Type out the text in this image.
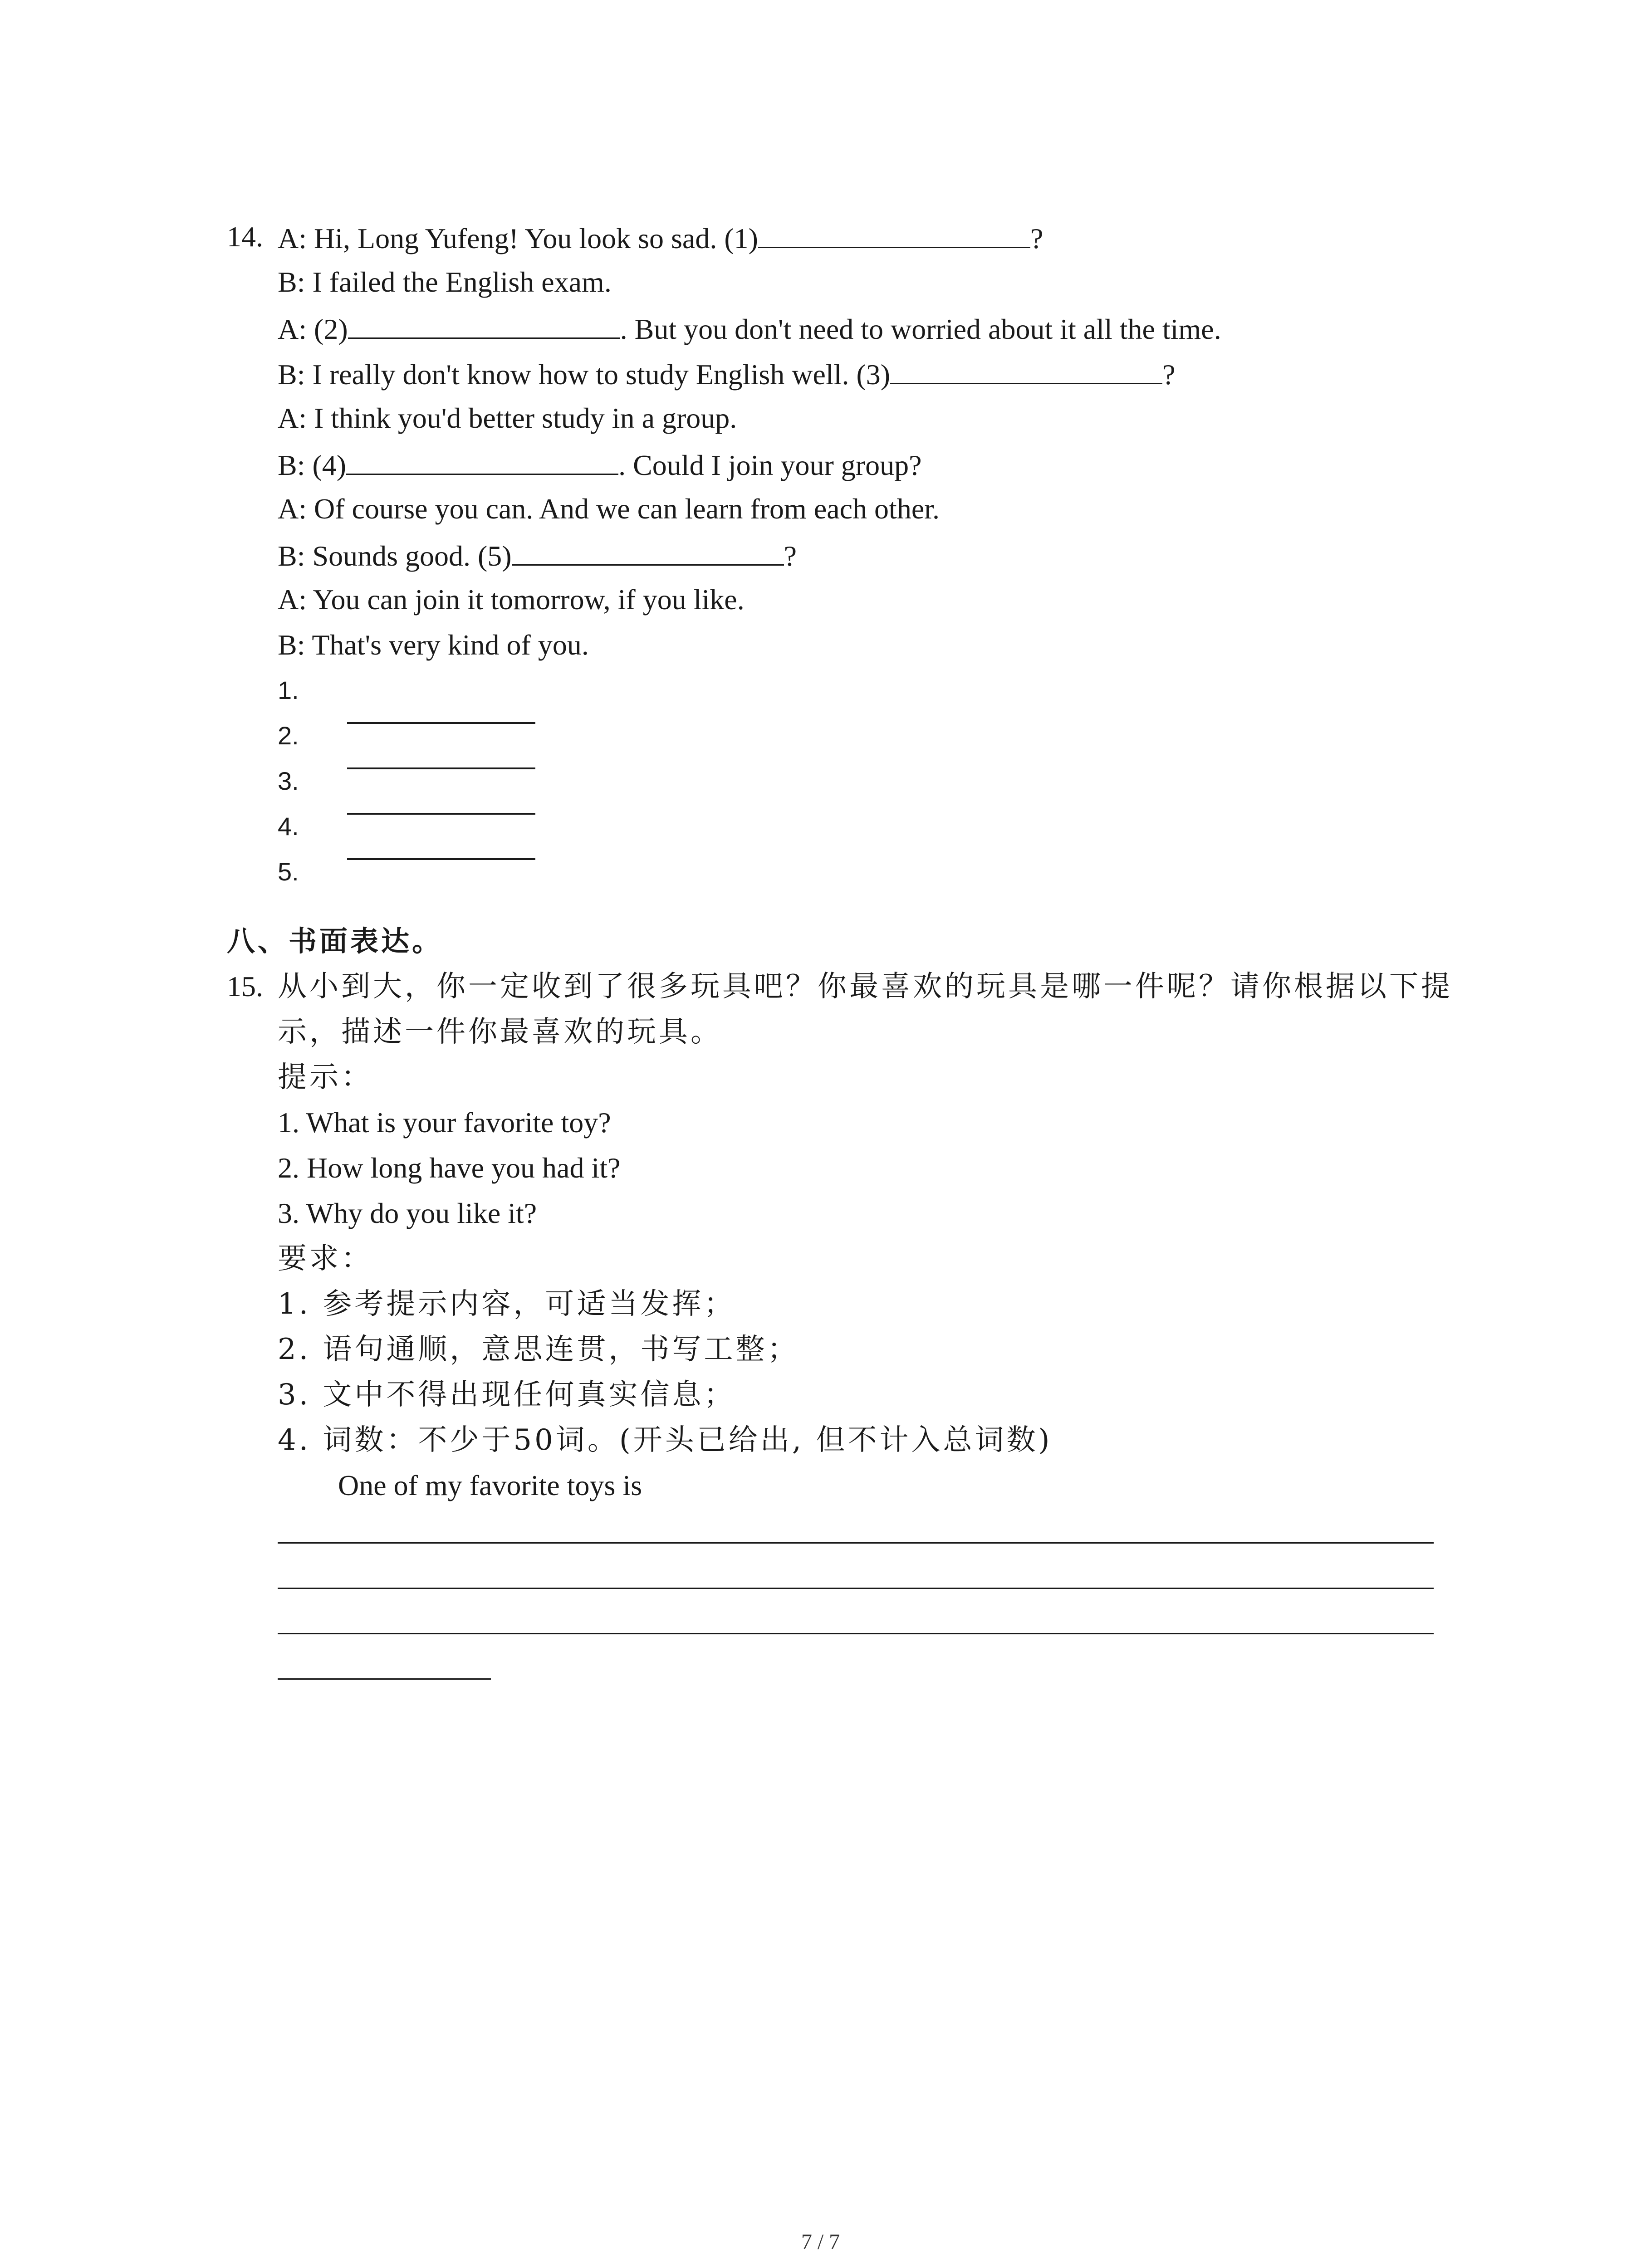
14. A: Hi, Long Yufeng! You look so sad. (1)	?
B: I failed the English exam.
A: (2)	. But you don't need to worried about it all the time.
B: I really don't know how to study English well. (3)	?
A: I think you'd better study in a group.
B: (4)	. Could I join your group?
A: Of course you can. And we can learn from each other.
B: Sounds good. (5)	?
A: You can join it tomorrow, if you like.
B: That's very kind of you.
1.
2.
3.
4.
5.
八、书面表达。
15. 从小到大，你一定收到了很多玩具吧？你最喜欢的玩具是哪一件呢？请你根据以下提
示，描述一件你最喜欢的玩具。
提示：
1. What is your favorite toy?
2. How long have you had it?
3. Why do you like it?
要求：
1. 参考提示内容，可适当发挥；
2. 语句通顺，意思连贯，书写工整；
3. 文中不得出现任何真实信息；
4. 词数：不少于50词。(开头已给出, 但不计入总词数)
One of my favorite toys is
7 / 7
